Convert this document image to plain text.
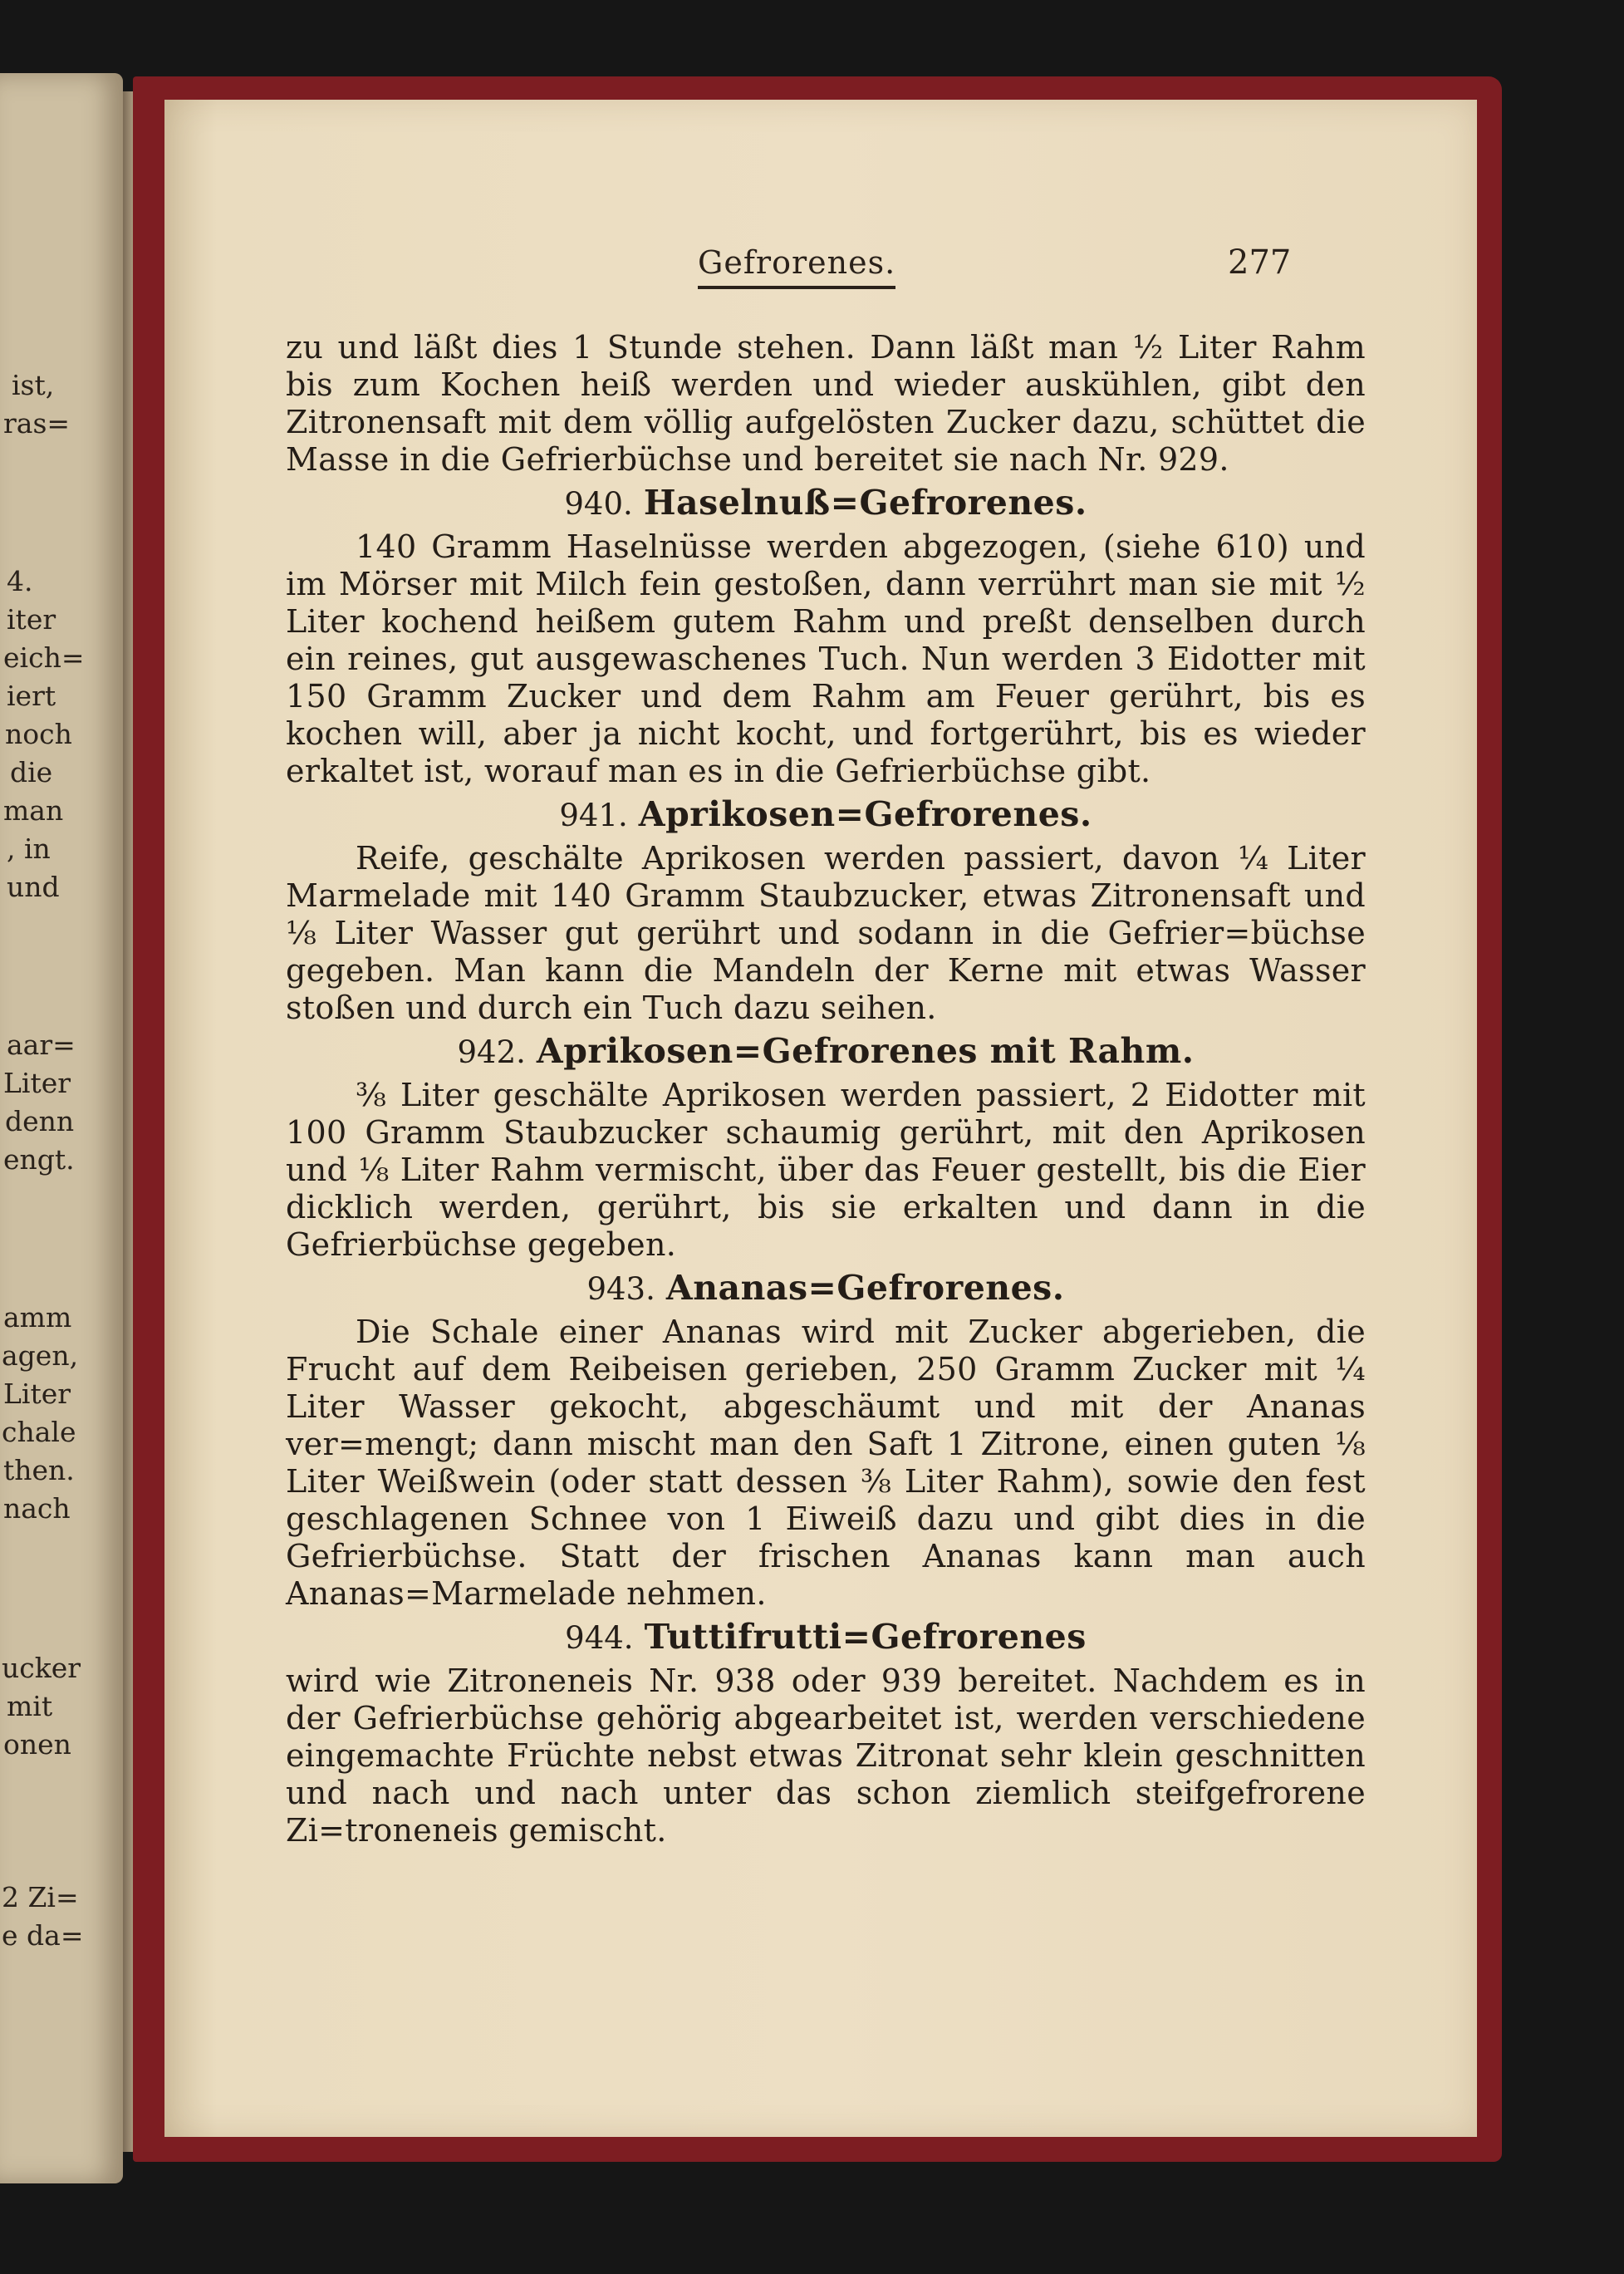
ist,
ras=
4.
iter
eich=
iert
noch
die
man
, in
und
aar=
Liter
denn
engt.
amm
agen,
Liter
chale
then.
nach
ucker
mit
onen
2 Zi=
e da=
Gefrorenes.	277

zu und läßt dies 1 Stunde stehen. Dann läßt man ½ Liter Rahm bis zum Kochen heiß werden und wieder auskühlen, gibt den Zitronensaft mit dem völlig aufgelösten Zucker dazu, schüttet die Masse in die Gefrierbüchse und bereitet sie nach Nr. 929.

940. Haselnuß=Gefrorenes.

140 Gramm Haselnüsse werden abgezogen, (siehe 610) und im Mörser mit Milch fein gestoßen, dann verrührt man sie mit ½ Liter kochend heißem gutem Rahm und preßt denselben durch ein reines, gut ausgewaschenes Tuch. Nun werden 3 Eidotter mit 150 Gramm Zucker und dem Rahm am Feuer gerührt, bis es kochen will, aber ja nicht kocht, und fortgerührt, bis es wieder erkaltet ist, worauf man es in die Gefrierbüchse gibt.

941. Aprikosen=Gefrorenes.

Reife, geschälte Aprikosen werden passiert, davon ¼ Liter Marmelade mit 140 Gramm Staubzucker, etwas Zitronensaft und ⅛ Liter Wasser gut gerührt und sodann in die Gefrier=büchse gegeben. Man kann die Mandeln der Kerne mit etwas Wasser stoßen und durch ein Tuch dazu seihen.

942. Aprikosen=Gefrorenes mit Rahm.

⅜ Liter geschälte Aprikosen werden passiert, 2 Eidotter mit 100 Gramm Staubzucker schaumig gerührt, mit den Aprikosen und ⅛ Liter Rahm vermischt, über das Feuer gestellt, bis die Eier dicklich werden, gerührt, bis sie erkalten und dann in die Gefrierbüchse gegeben.

943. Ananas=Gefrorenes.

Die Schale einer Ananas wird mit Zucker abgerieben, die Frucht auf dem Reibeisen gerieben, 250 Gramm Zucker mit ¼ Liter Wasser gekocht, abgeschäumt und mit der Ananas ver=mengt; dann mischt man den Saft 1 Zitrone, einen guten ⅛ Liter Weißwein (oder statt dessen ⅜ Liter Rahm), sowie den fest geschlagenen Schnee von 1 Eiweiß dazu und gibt dies in die Gefrierbüchse. Statt der frischen Ananas kann man auch Ananas=Marmelade nehmen.

944. Tuttifrutti=Gefrorenes

wird wie Zitroneneis Nr. 938 oder 939 bereitet. Nachdem es in der Gefrierbüchse gehörig abgearbeitet ist, werden verschiedene eingemachte Früchte nebst etwas Zitronat sehr klein geschnitten und nach und nach unter das schon ziemlich steifgefrorene Zi=troneneis gemischt.
